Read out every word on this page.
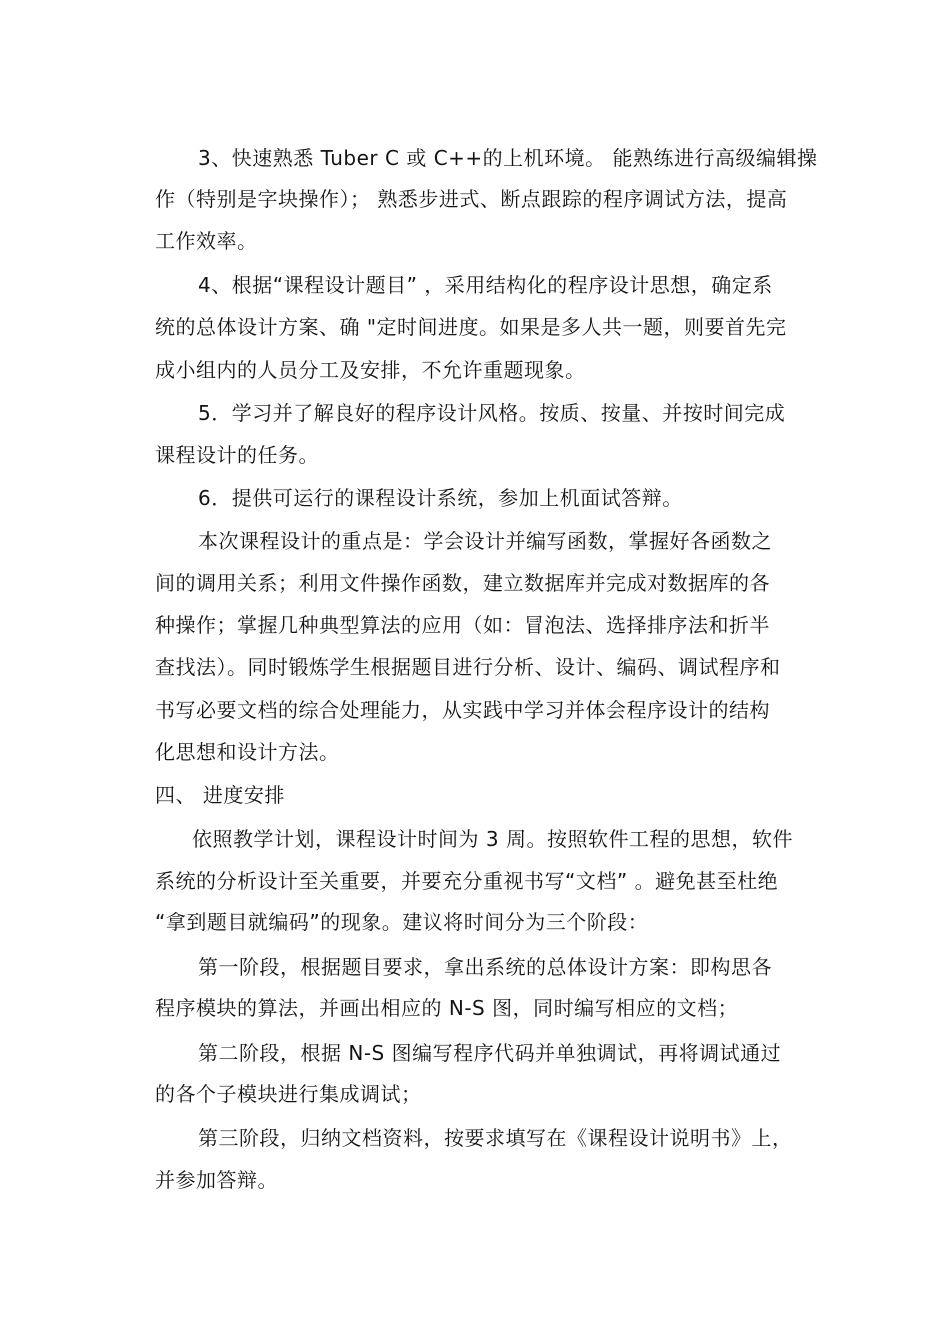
3、快速熟悉 Tuber C 或 C++的上机环境。 能熟练进行高级编辑操
作（特别是字块操作）； 熟悉步进式、断点跟踪的程序调试方法，提高
工作效率。
4、根据“课程设计题目” ，采用结构化的程序设计思想，确定系
统的总体设计方案、确 "定时间进度。如果是多人共一题，则要首先完
成小组内的人员分工及安排，不允许重题现象。
5．学习并了解良好的程序设计风格。按质、按量、并按时间完成
课程设计的任务。
6．提供可运行的课程设计系统，参加上机面试答辩。
本次课程设计的重点是：学会设计并编写函数，掌握好各函数之
间的调用关系；利用文件操作函数，建立数据库并完成对数据库的各
种操作；掌握几种典型算法的应用（如：冒泡法、选择排序法和折半
查找法）。同时锻炼学生根据题目进行分析、设计、编码、调试程序和
书写必要文档的综合处理能力，从实践中学习并体会程序设计的结构
化思想和设计方法。
四、 进度安排
依照教学计划，课程设计时间为 3 周。按照软件工程的思想，软件
系统的分析设计至关重要，并要充分重视书写“文档” 。避免甚至杜绝
“拿到题目就编码”的现象。建议将时间分为三个阶段：
第一阶段，根据题目要求，拿出系统的总体设计方案：即构思各
程序模块的算法，并画出相应的 N-S 图，同时编写相应的文档；
第二阶段，根据 N-S 图编写程序代码并单独调试，再将调试通过
的各个子模块进行集成调试；
第三阶段，归纳文档资料，按要求填写在《课程设计说明书》上，
并参加答辩。
